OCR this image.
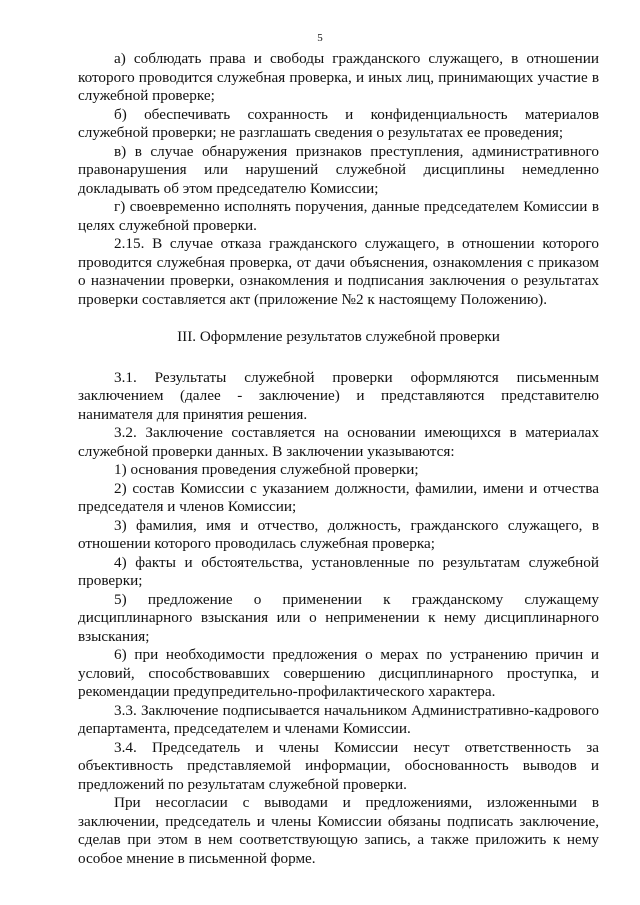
5

а) соблюдать права и свободы гражданского служащего, в отношении которого проводится служебная проверка, и иных лиц, принимающих участие в служебной проверке;

б) обеспечивать сохранность и конфиденциальность материалов служебной проверки; не разглашать сведения о результатах ее проведения;

в) в случае обнаружения признаков преступления, административного правонарушения или нарушений служебной дисциплины немедленно докладывать об этом председателю Комиссии;

г) своевременно исполнять поручения, данные председателем Комиссии в целях служебной проверки.

2.15. В случае отказа гражданского служащего, в отношении которого проводится служебная проверка, от дачи объяснения, ознакомления с приказом о назначении проверки, ознакомления и подписания заключения о результатах проверки составляется акт (приложение №2 к настоящему Положению).

III. Оформление результатов служебной проверки

3.1. Результаты служебной проверки оформляются письменным заключением (далее - заключение) и представляются представителю нанимателя для принятия решения.

3.2. Заключение составляется на основании имеющихся в материалах служебной проверки данных. В заключении указываются:

1) основания проведения служебной проверки;

2) состав Комиссии с указанием должности, фамилии, имени и отчества председателя и членов Комиссии;

3) фамилия, имя и отчество, должность, гражданского служащего, в отношении которого проводилась служебная проверка;

4) факты и обстоятельства, установленные по результатам служебной проверки;

5) предложение о применении к гражданскому служащему дисциплинарного взыскания или о неприменении к нему дисциплинарного взыскания;

6) при необходимости предложения о мерах по устранению причин и условий, способствовавших совершению дисциплинарного проступка, и рекомендации предупредительно-профилактического характера.

3.3. Заключение подписывается начальником Административно-кадрового департамента, председателем и членами Комиссии.

3.4. Председатель и члены Комиссии несут ответственность за объективность представляемой информации, обоснованность выводов и предложений по результатам служебной проверки.

При несогласии с выводами и предложениями, изложенными в заключении, председатель и члены Комиссии обязаны подписать заключение, сделав при этом в нем соответствующую запись, а также приложить к нему особое мнение в письменной форме.
